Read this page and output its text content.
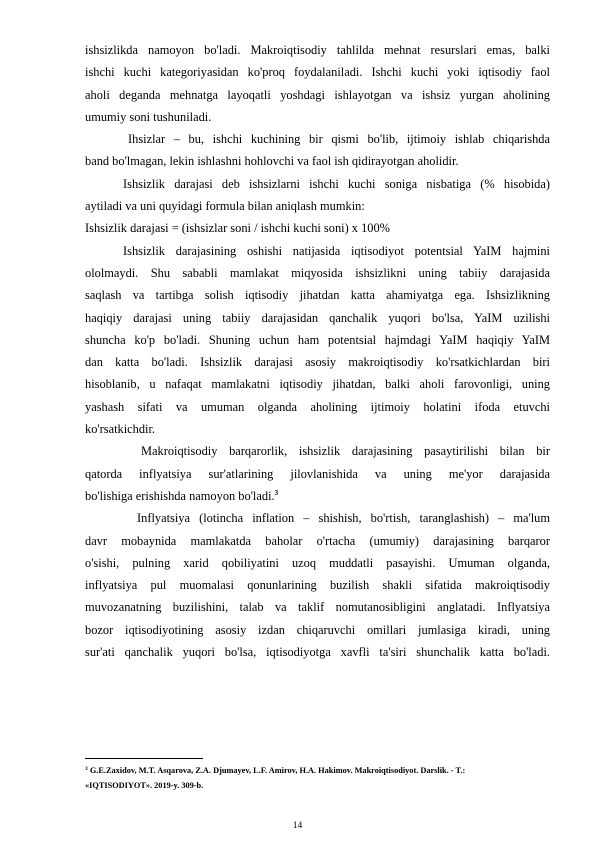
ishsizlikda namoyon bo'ladi. Makroiqtisodiy tahlilda mehnat resurslari emas, balki
ishchi kuchi kategoriyasidan ko'proq foydalaniladi. Ishchi kuchi yoki iqtisodiy faol
aholi deganda mehnatga layoqatli yoshdagi ishlayotgan va ishsiz yurgan aholining
umumiy soni tushuniladi.

Ihsizlar – bu, ishchi kuchining bir qismi bo'lib, ijtimoiy ishlab chiqarishda
band bo'lmagan, lekin ishlashni hohlovchi va faol ish qidirayotgan aholidir.

Ishsizlik darajasi deb ishsizlarni ishchi kuchi soniga nisbatiga (% hisobida)
aytiladi va uni quyidagi formula bilan aniqlash mumkin:

Ishsizlik darajasi = (ishsizlar soni / ishchi kuchi soni) x 100%

Ishsizlik darajasining oshishi natijasida iqtisodiyot potentsial YaIM hajmini
ololmaydi. Shu sababli mamlakat miqyosida ishsizlikni uning tabiiy darajasida
saqlash va tartibga solish iqtisodiy jihatdan katta ahamiyatga ega. Ishsizlikning
haqiqiy darajasi uning tabiiy darajasidan qanchalik yuqori bo'lsa, YaIM uzilishi
shuncha ko'p bo'ladi. Shuning uchun ham potentsial hajmdagi YaIM haqiqiy YaIM
dan katta bo'ladi. Ishsizlik darajasi asosiy makroiqtisodiy ko'rsatkichlardan biri
hisoblanib, u nafaqat mamlakatni iqtisodiy jihatdan, balki aholi farovonligi, uning
yashash sifati va umuman olganda aholining ijtimoiy holatini ifoda etuvchi
ko'rsatkichdir.

Makroiqtisodiy barqarorlik, ishsizlik darajasining pasaytirilishi bilan bir
qatorda inflyatsiya sur'atlarining jilovlanishida va uning me'yor darajasida
bo'lishiga erishishda namoyon bo'ladi.$^3$

Inflyatsiya (lotincha inflation – shishish, bo'rtish, taranglashish) – ma'lum
davr mobaynida mamlakatda baholar o'rtacha (umumiy) darajasining barqaror
o'sishi, pulning xarid qobiliyatini uzoq muddatli pasayishi. Umuman olganda,
inflyatsiya pul muomalasi qonunlarining buzilish shakli sifatida makroiqtisodiy
muvozanatning buzilishini, talab va taklif nomutanosibligini anglatadi. Inflyatsiya
bozor iqtisodiyotining asosiy izdan chiqaruvchi omillari jumlasiga kiradi, uning
sur'ati qanchalik yuqori bo'lsa, iqtisodiyotga xavfli ta'siri shunchalik katta bo'ladi.

$^3$ G.E.Zaxidov, M.T. Asqarova, Z.A. Djumayev, L.F. Amirov, H.A. Hakimov. Makroiqtisodiyot. Darslik. - T.:
«IQTISODIYOT». 2019-y. 309-b.
14
